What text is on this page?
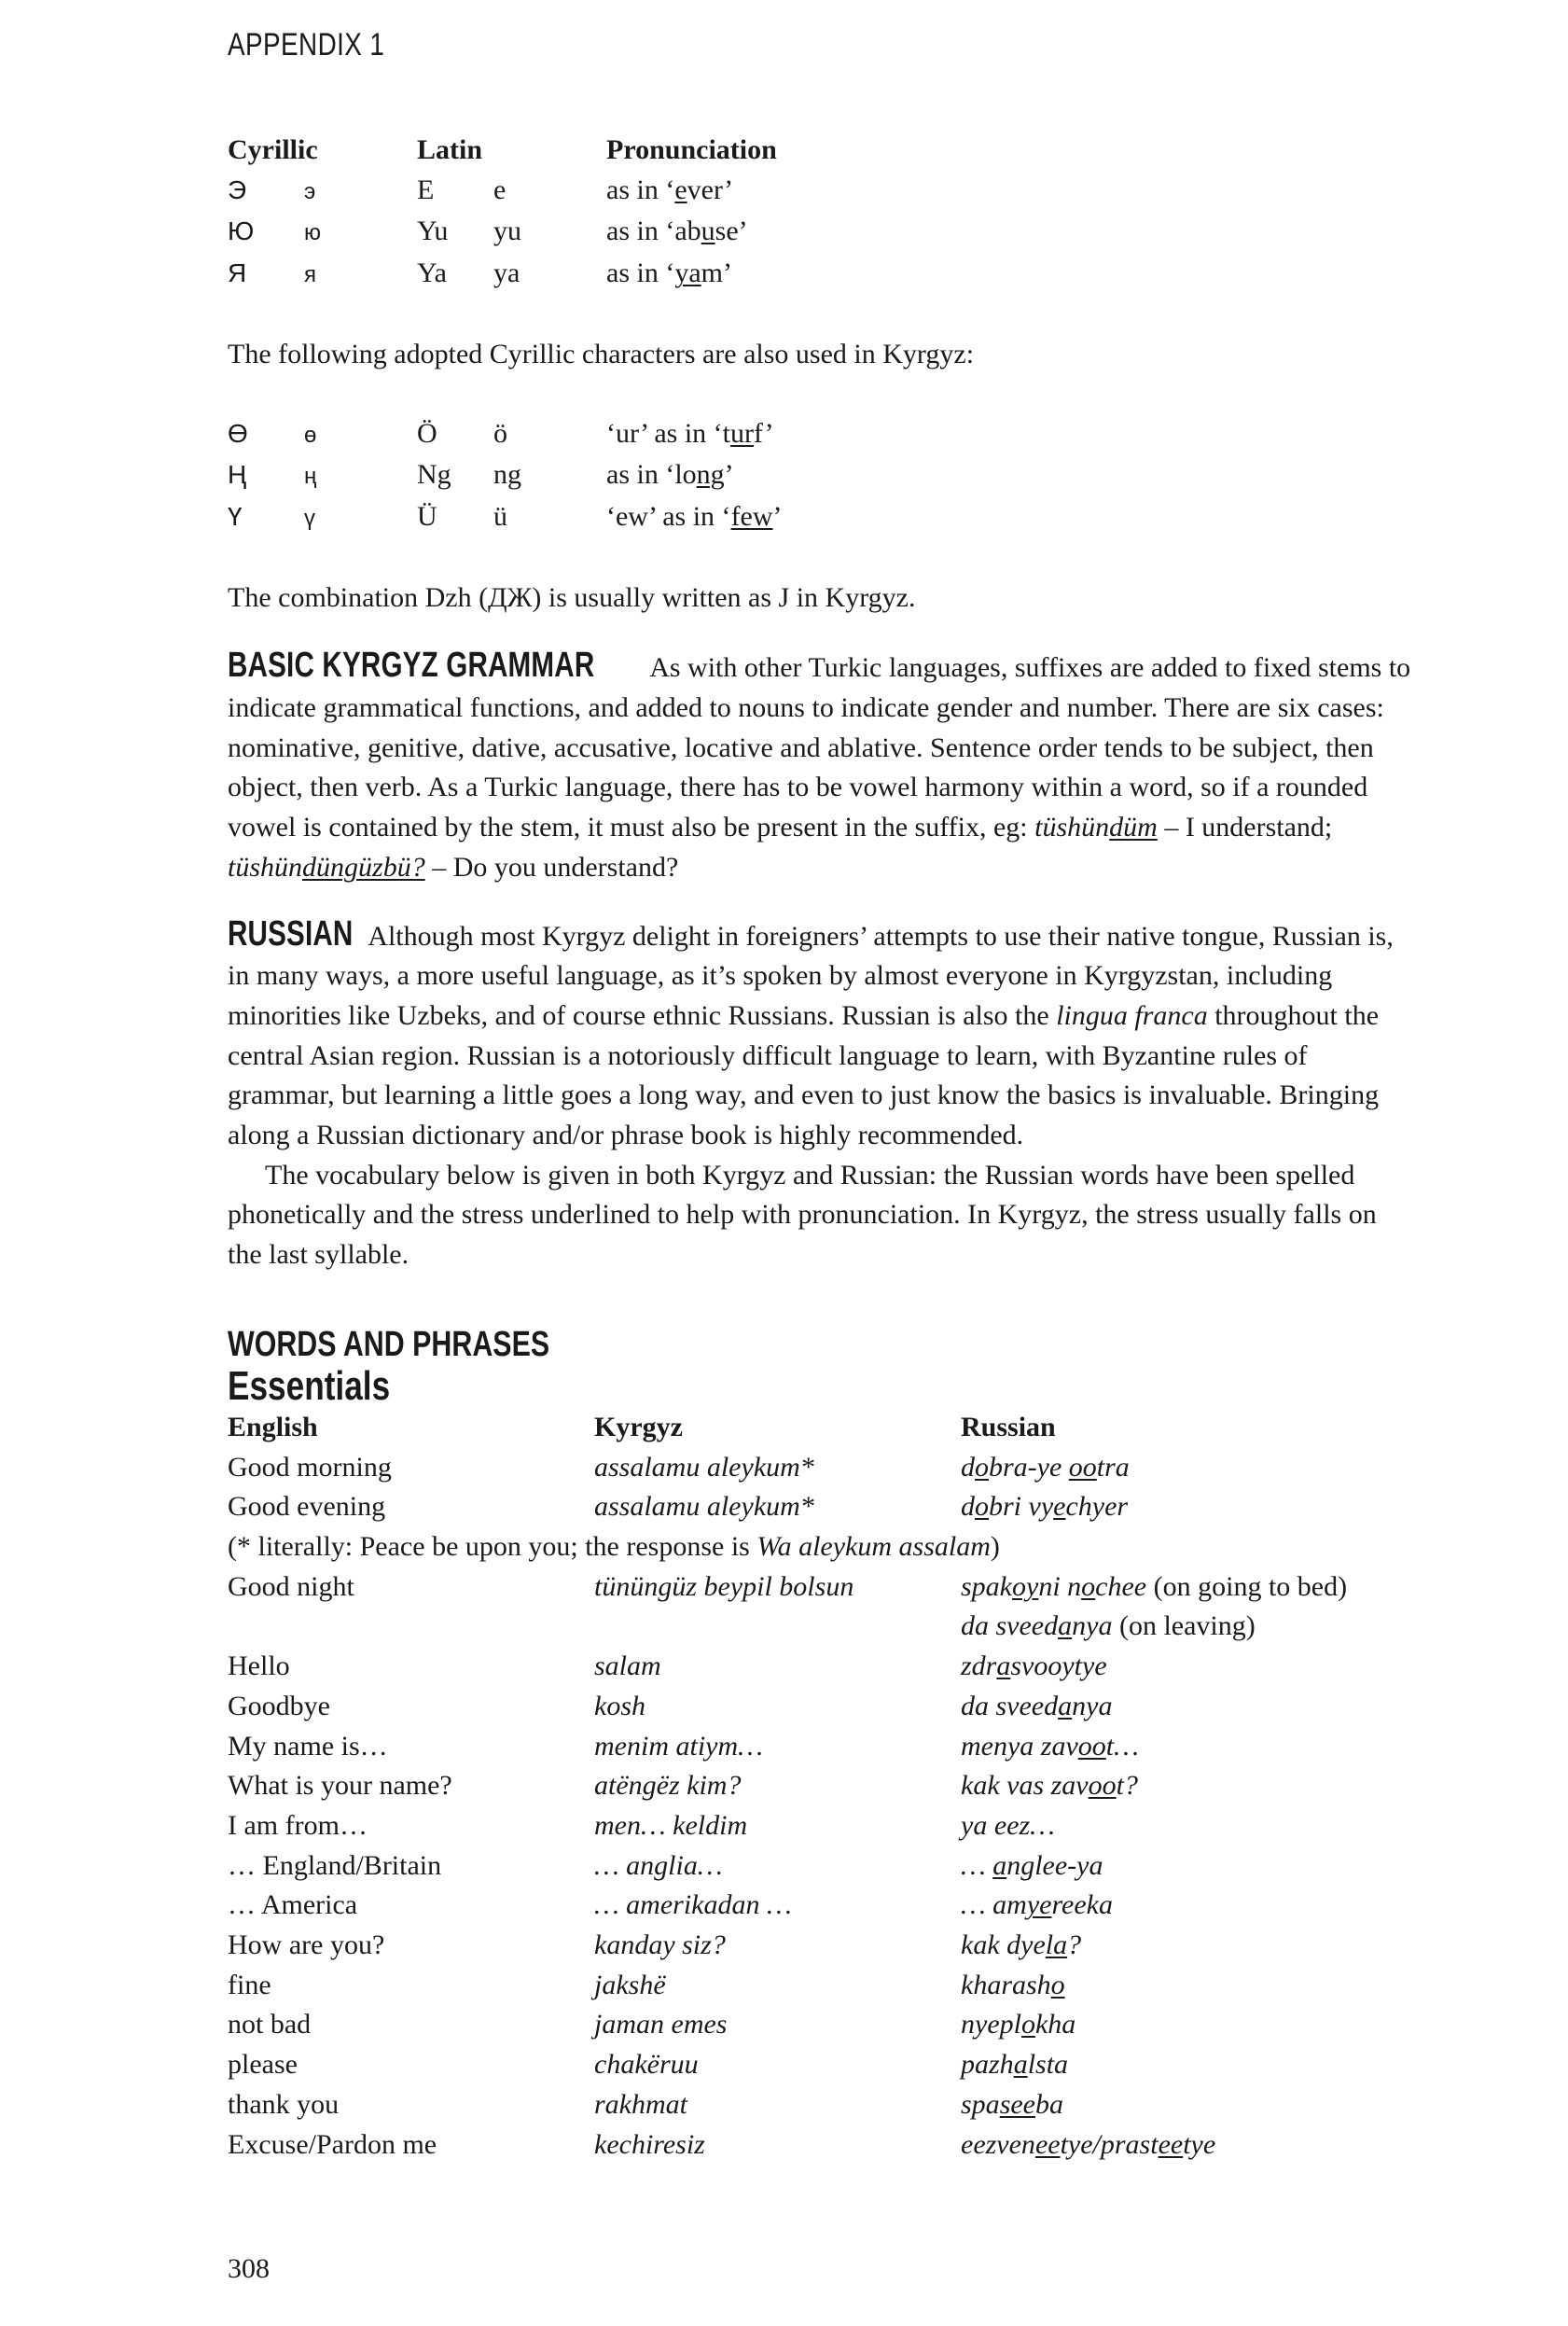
APPENDIX 1
Cyrillic	Latin	Pronunciation
Э	э	E e	as in ‘ever’
Ю ю	Yu yu	as in ‘abuse’
Я	я	Ya ya	as in ‘yam’

The following adopted Cyrillic characters are also used in Kyrgyz:

Ө	ө	Ö ö	‘ur’ as in ‘turf’
Ң	ң	Ng ng	as in ‘long’
Ү	ү	Ü ü	‘ew’ as in ‘few’

The combination Dzh (ДЖ) is usually written as J in Kyrgyz.

BASIC KYRGYZ GRAMMAR As with other Turkic languages, suffixes are added to fixed stems to indicate grammatical functions, and added to nouns to indicate gender and number. There are six cases: nominative, genitive, dative, accusative, locative and ablative. Sentence order tends to be subject, then object, then verb. As a Turkic language, there has to be vowel harmony within a word, so if a rounded vowel is contained by the stem, it must also be present in the suffix, eg: tüshündüm – I understand; tüshündüngüzbü? – Do you understand?

RUSSIAN Although most Kyrgyz delight in foreigners’ attempts to use their native tongue, Russian is, in many ways, a more useful language, as it’s spoken by almost everyone in Kyrgyzstan, including minorities like Uzbeks, and of course ethnic Russians. Russian is also the lingua franca throughout the central Asian region. Russian is a notoriously difficult language to learn, with Byzantine rules of grammar, but learning a little goes a long way, and even to just know the basics is invaluable. Bringing along a Russian dictionary and/or phrase book is highly recommended.

The vocabulary below is given in both Kyrgyz and Russian: the Russian words have been spelled phonetically and the stress underlined to help with pronunciation. In Kyrgyz, the stress usually falls on the last syllable.

WORDS AND PHRASES
Essentials
English	Kyrgyz	Russian
Good morning	assalamu aleykum*	dobra-ye ootra
Good evening	assalamu aleykum*	dobri vyechyer
(* literally: Peace be upon you; the response is Wa aleykum assalam)
Good night	tününgüz beypil bolsun	spakoyni nochee (on going to bed)
da sveedanya (on leaving)
Hello	salam	zdrasvooytye
Goodbye	kosh	da sveedanya
My name is…	menim atiym…	menya zavoot…
What is your name?	atëngëz kim?	kak vas zavoot?
I am from…	men… keldim	ya eez…
… England/Britain	… anglia…	… anglee-ya
… America	… amerikadan …	… amyereeka
How are you?	kanday siz?	kak dyela?
fine	jakshë	kharasho
not bad	jaman emes	nyeplokha
please	chakëruu	pazhalsta
thank you	rakhmat	spaseeba
Excuse/Pardon me	kechiresiz	eezveneetye/prasteetye
308
